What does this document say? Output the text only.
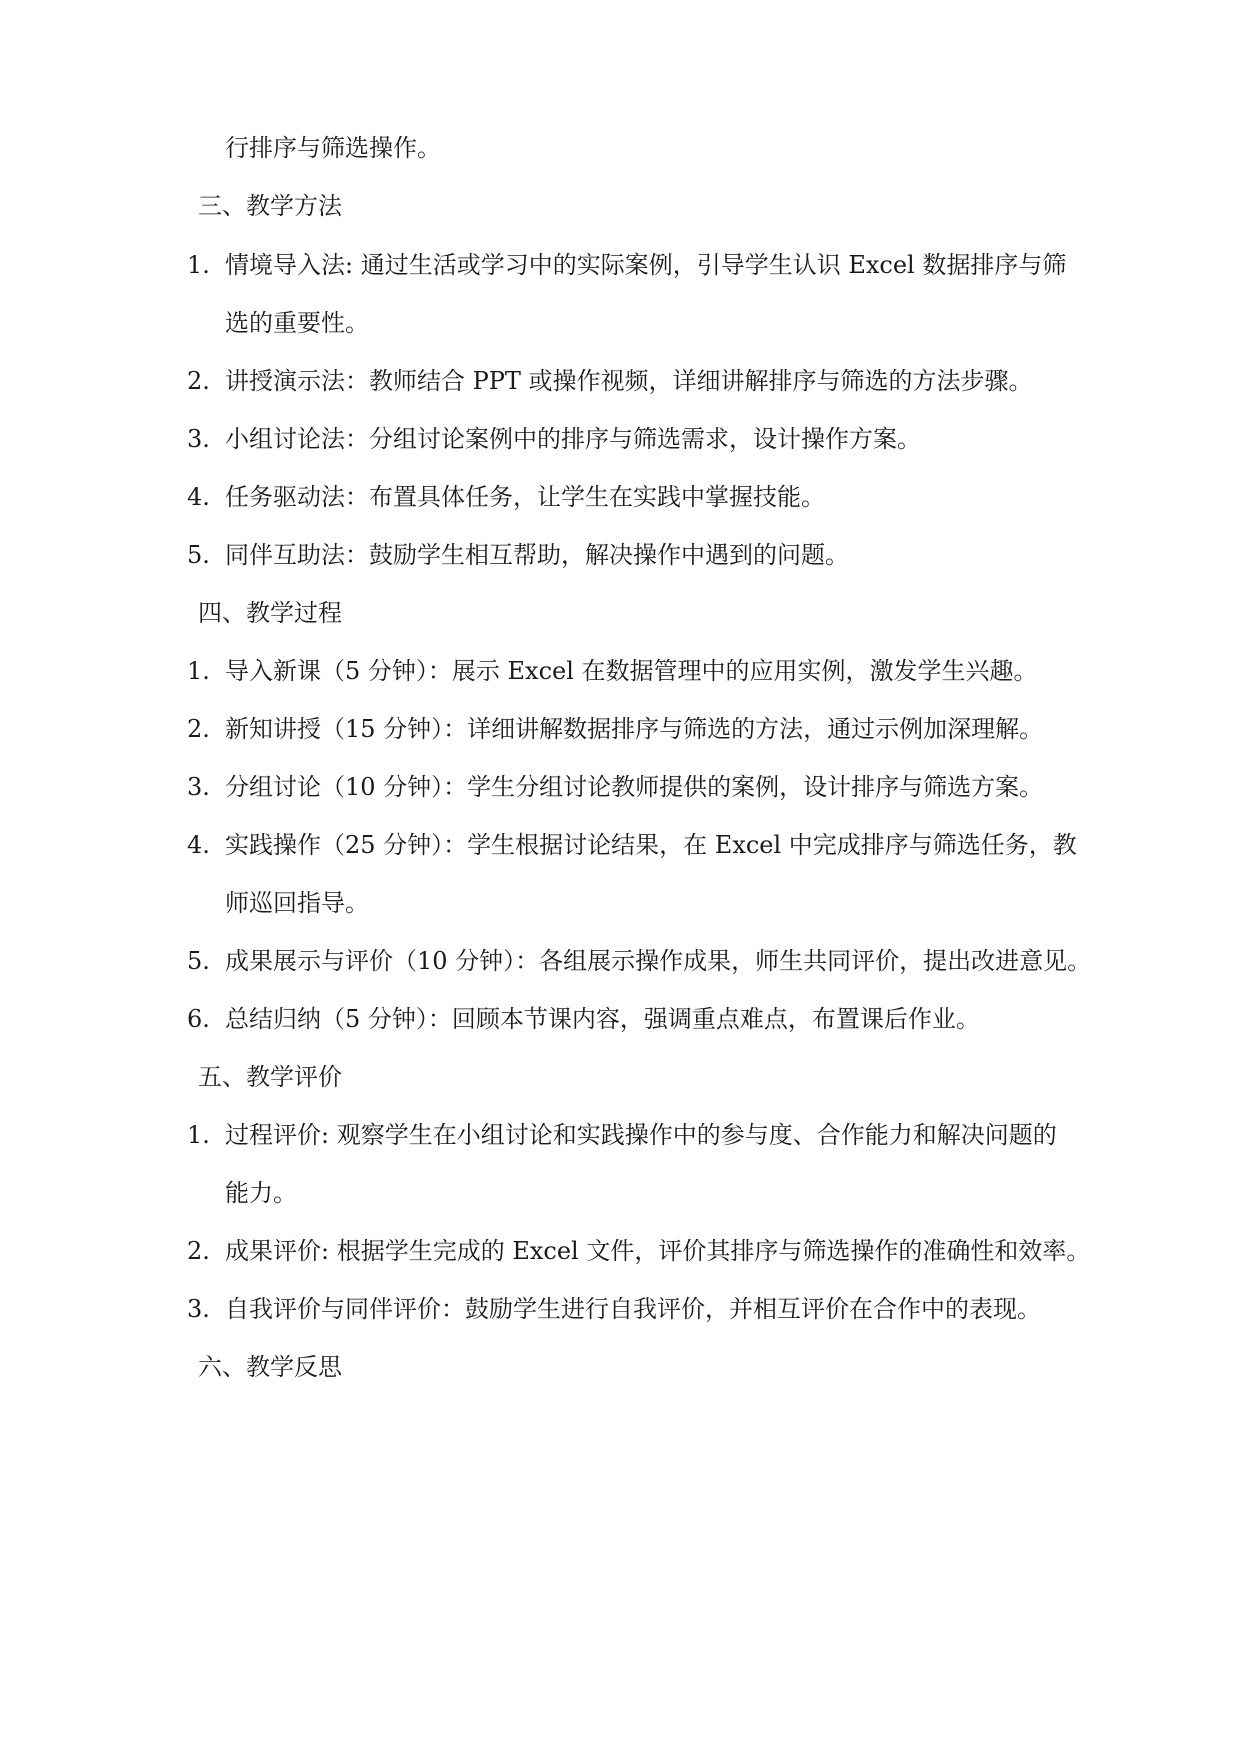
行排序与筛选操作。
三、教学方法
1. 情境导入法: 通过生活或学习中的实际案例，引导学生认识 Excel 数据排序与筛
选的重要性。
2. 讲授演示法：教师结合 PPT 或操作视频，详细讲解排序与筛选的方法步骤。
3. 小组讨论法：分组讨论案例中的排序与筛选需求，设计操作方案。
4. 任务驱动法：布置具体任务，让学生在实践中掌握技能。
5. 同伴互助法：鼓励学生相互帮助，解决操作中遇到的问题。
四、教学过程
1. 导入新课（5 分钟）：展示 Excel 在数据管理中的应用实例，激发学生兴趣。
2. 新知讲授（15 分钟）：详细讲解数据排序与筛选的方法，通过示例加深理解。
3. 分组讨论（10 分钟）：学生分组讨论教师提供的案例，设计排序与筛选方案。
4. 实践操作（25 分钟）：学生根据讨论结果，在 Excel 中完成排序与筛选任务，教
师巡回指导。
5. 成果展示与评价（10 分钟）：各组展示操作成果，师生共同评价，提出改进意见。
6. 总结归纳（5 分钟）：回顾本节课内容，强调重点难点，布置课后作业。
五、教学评价
1. 过程评价: 观察学生在小组讨论和实践操作中的参与度、合作能力和解决问题的
能力。
2. 成果评价: 根据学生完成的 Excel 文件，评价其排序与筛选操作的准确性和效率。
3. 自我评价与同伴评价：鼓励学生进行自我评价，并相互评价在合作中的表现。
六、教学反思
